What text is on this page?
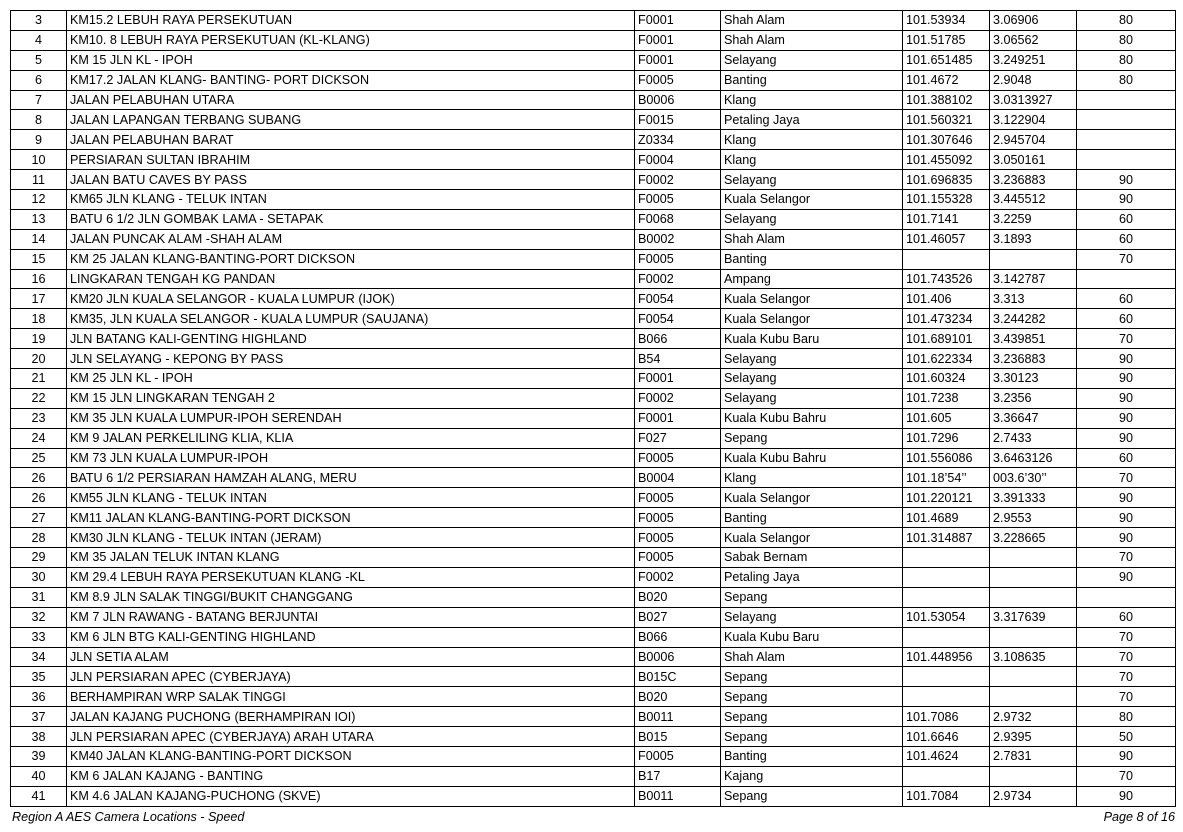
3	KM15.2 LEBUH RAYA PERSEKUTUAN	F0001	Shah Alam	101.53934	3.06906	80
4	KM10. 8 LEBUH RAYA PERSEKUTUAN (KL-KLANG)	F0001	Shah Alam	101.51785	3.06562	80
5	KM 15 JLN KL - IPOH	F0001	Selayang	101.651485	3.249251	80
6	KM17.2 JALAN KLANG- BANTING- PORT DICKSON	F0005	Banting	101.4672	2.9048	80
7	JALAN PELABUHAN UTARA	B0006	Klang	101.388102	3.0313927	
8	JALAN LAPANGAN TERBANG SUBANG	F0015	Petaling Jaya	101.560321	3.122904	
9	JALAN PELABUHAN BARAT	Z0334	Klang	101.307646	2.945704	
10	PERSIARAN SULTAN IBRAHIM	F0004	Klang	101.455092	3.050161	
11	JALAN BATU CAVES BY PASS	F0002	Selayang	101.696835	3.236883	90
12	KM65 JLN KLANG - TELUK INTAN	F0005	Kuala Selangor	101.155328	3.445512	90
13	BATU 6 1/2 JLN GOMBAK LAMA - SETAPAK	F0068	Selayang	101.7141	3.2259	60
14	JALAN PUNCAK ALAM -SHAH ALAM	B0002	Shah Alam	101.46057	3.1893	60
15	KM 25 JALAN KLANG-BANTING-PORT DICKSON	F0005	Banting			70
16	LINGKARAN TENGAH KG PANDAN	F0002	Ampang	101.743526	3.142787	
17	KM20 JLN KUALA SELANGOR - KUALA LUMPUR (IJOK)	F0054	Kuala Selangor	101.406	3.313	60
18	KM35, JLN KUALA SELANGOR - KUALA LUMPUR (SAUJANA)	F0054	Kuala Selangor	101.473234	3.244282	60
19	JLN BATANG KALI-GENTING HIGHLAND	B066	Kuala Kubu Baru	101.689101	3.439851	70
20	JLN SELAYANG - KEPONG BY PASS	B54	Selayang	101.622334	3.236883	90
21	KM 25 JLN KL - IPOH	F0001	Selayang	101.60324	3.30123	90
22	KM 15 JLN LINGKARAN TENGAH 2	F0002	Selayang	101.7238	3.2356	90
23	KM 35 JLN KUALA LUMPUR-IPOH SERENDAH	F0001	Kuala Kubu Bahru	101.605	3.36647	90
24	KM 9 JALAN PERKELILING KLIA, KLIA	F027	Sepang	101.7296	2.7433	90
25	KM 73 JLN KUALA LUMPUR-IPOH	F0005	Kuala Kubu Bahru	101.556086	3.6463126	60
26	BATU 6 1/2 PERSIARAN HAMZAH ALANG, MERU	B0004	Klang	101.18’54’’	003.6’30’’	70
26	KM55 JLN KLANG - TELUK INTAN	F0005	Kuala Selangor	101.220121	3.391333	90
27	KM11 JALAN KLANG-BANTING-PORT DICKSON	F0005	Banting	101.4689	2.9553	90
28	KM30 JLN KLANG - TELUK INTAN (JERAM)	F0005	Kuala Selangor	101.314887	3.228665	90
29	KM 35 JALAN TELUK INTAN KLANG	F0005	Sabak Bernam			70
30	KM 29.4 LEBUH RAYA PERSEKUTUAN KLANG -KL	F0002	Petaling Jaya			90
31	KM 8.9 JLN SALAK TINGGI/BUKIT CHANGGANG	B020	Sepang			
32	KM 7 JLN RAWANG - BATANG BERJUNTAI	B027	Selayang	101.53054	3.317639	60
33	KM 6 JLN BTG KALI-GENTING HIGHLAND	B066	Kuala Kubu Baru			70
34	JLN SETIA ALAM	B0006	Shah Alam	101.448956	3.108635	70
35	JLN PERSIARAN APEC (CYBERJAYA)	B015C	Sepang			70
36	BERHAMPIRAN WRP SALAK TINGGI	B020	Sepang			70
37	JALAN KAJANG PUCHONG (BERHAMPIRAN IOI)	B0011	Sepang	101.7086	2.9732	80
38	JLN PERSIARAN APEC (CYBERJAYA) ARAH UTARA	B015	Sepang	101.6646	2.9395	50
39	KM40 JALAN KLANG-BANTING-PORT DICKSON	F0005	Banting	101.4624	2.7831	90
40	KM 6 JALAN KAJANG - BANTING	B17	Kajang			70
41	KM 4.6 JALAN KAJANG-PUCHONG (SKVE)	B0011	Sepang	101.7084	2.9734	90
Region A AES Camera Locations - Speed	Page 8 of 16
